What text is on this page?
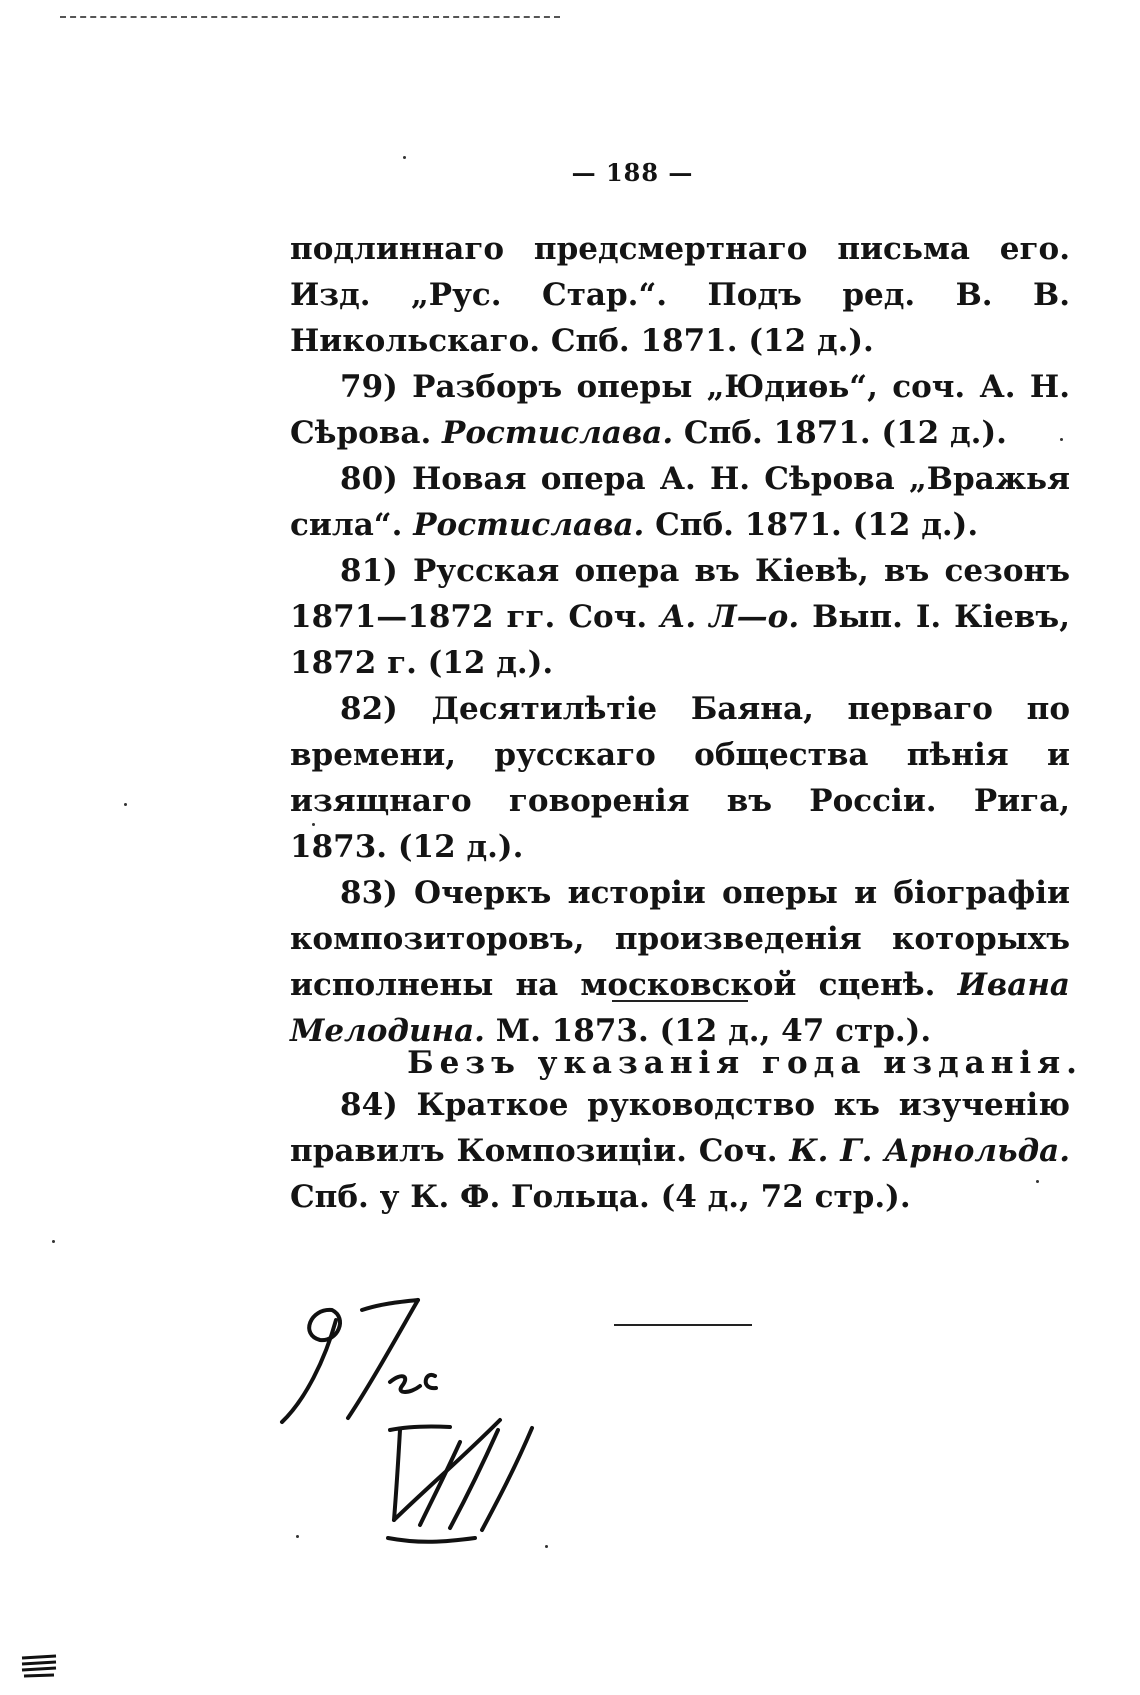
— 188 —

подлиннаго предсмертнаго письма его. Изд. „Рус. Стар.“. Подъ ред. В. В. Никольскаго. Спб. 1871. (12 д.).

79) Разборъ оперы „Юдиѳь“, соч. А. Н. Сѣрова. Ростислава. Спб. 1871. (12 д.).

80) Новая опера А. Н. Сѣрова „Вражья сила“. Ростислава. Спб. 1871. (12 д.).

81) Русская опера въ Кіевѣ, въ сезонъ 1871—1872 гг. Соч. А. Л—о. Вып. I. Кіевъ, 1872 г. (12 д.).

82) Десятилѣтіе Баяна, перваго по времени, русскаго общества пѣнія и изящнаго говоренія въ Россіи. Рига, 1873. (12 д.).

83) Очеркъ исторіи оперы и біографіи композиторовъ, произведенія которыхъ исполнены на московской сценѣ. Ивана Мелодина. М. 1873. (12 д., 47 стр.).

Безъ указанія года изданія.

84) Краткое руководство къ изученію правилъ Композиціи. Соч. К. Г. Арнольда. Спб. у К. Ф. Гольца. (4 д., 72 стр.).
